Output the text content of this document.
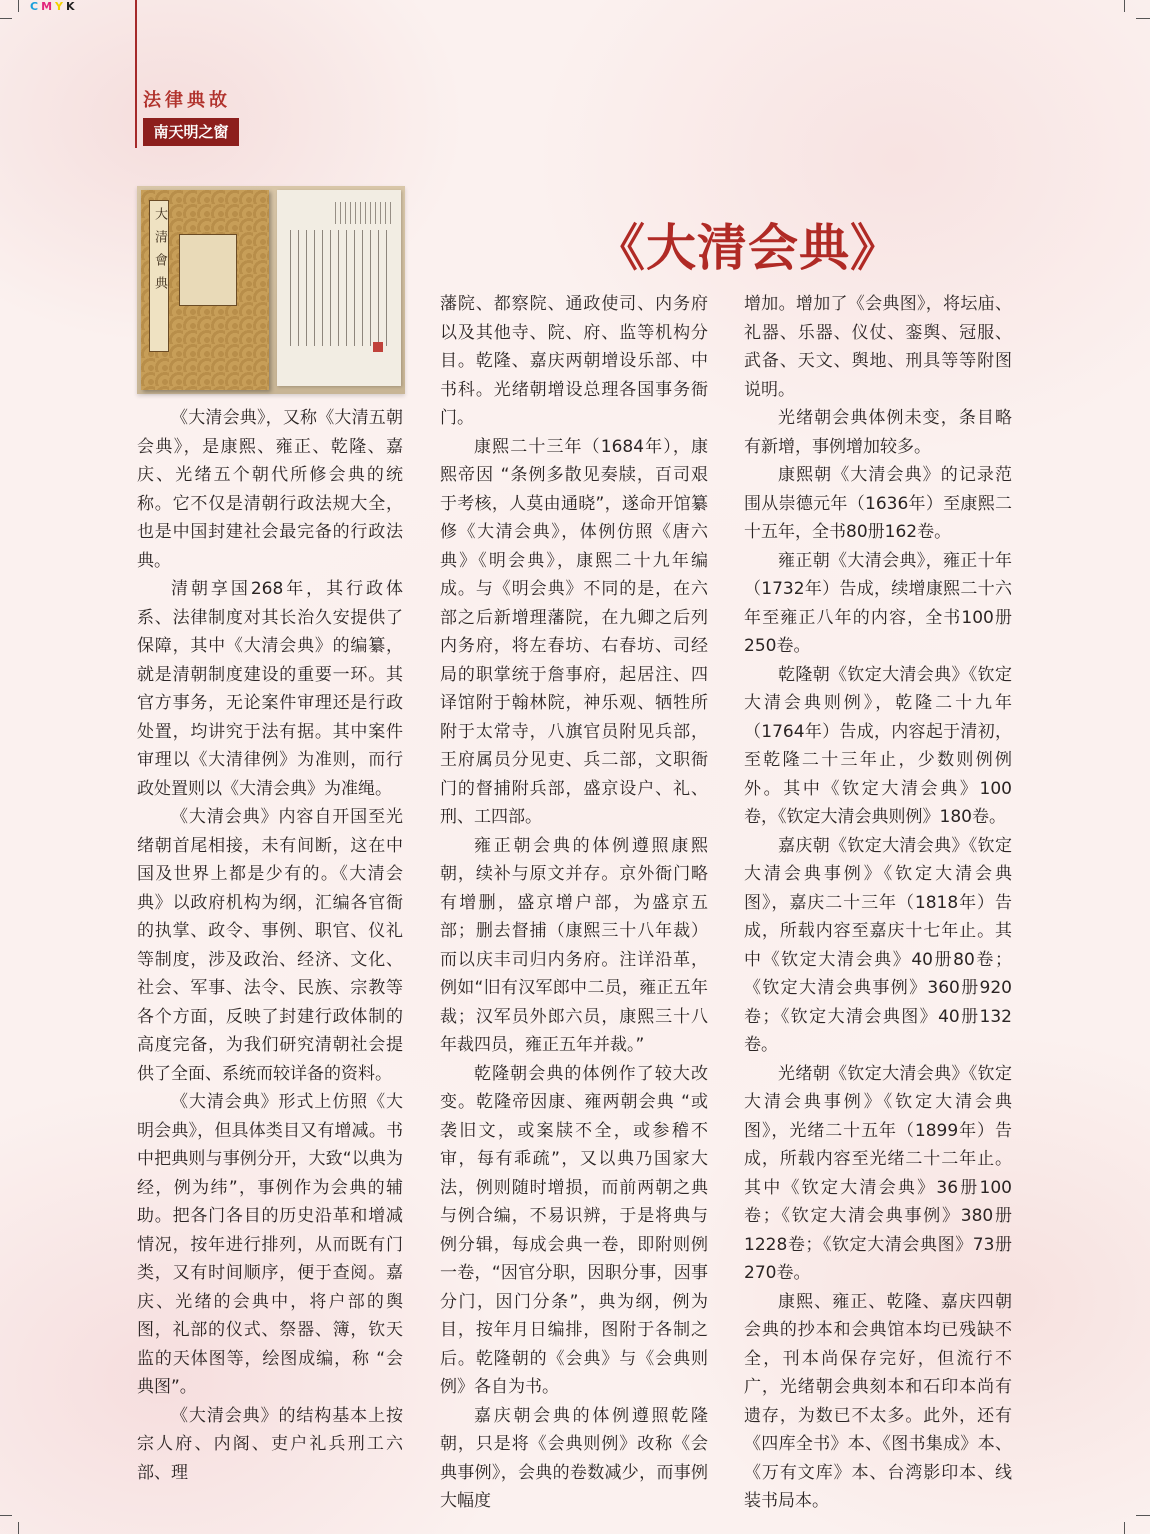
CMYK
法律典故
南天明之窗
《大清会典》
大清會典

《大清会典》，又称《大清五朝会典》，是康熙、雍正、乾隆、嘉庆、光绪五个朝代所修会典的统称。它不仅是清朝行政法规大全，也是中国封建社会最完备的行政法典。

清朝享国268年，其行政体系、法律制度对其长治久安提供了保障，其中《大清会典》的编纂，就是清朝制度建设的重要一环。其官方事务，无论案件审理还是行政处置，均讲究于法有据。其中案件审理以《大清律例》为准则，而行政处置则以《大清会典》为准绳。

《大清会典》内容自开国至光绪朝首尾相接，未有间断，这在中国及世界上都是少有的。《大清会典》以政府机构为纲，汇编各官衙的执掌、政令、事例、职官、仪礼等制度，涉及政治、经济、文化、社会、军事、法令、民族、宗教等各个方面，反映了封建行政体制的高度完备，为我们研究清朝社会提供了全面、系统而较详备的资料。

《大清会典》形式上仿照《大明会典》，但具体类目又有增减。书中把典则与事例分开，大致“以典为经，例为纬”，事例作为会典的辅助。把各门各目的历史沿革和增减情况，按年进行排列，从而既有门类，又有时间顺序，便于查阅。嘉庆、光绪的会典中，将户部的舆图，礼部的仪式、祭器、簿，钦天监的天体图等，绘图成编，称 “会典图”。

《大清会典》的结构基本上按宗人府、内阁、吏户礼兵刑工六部、理

藩院、都察院、通政使司、内务府以及其他寺、院、府、监等机构分目。乾隆、嘉庆两朝增设乐部、中书科。光绪朝增设总理各国事务衙门。

康熙二十三年（1684年），康熙帝因 “条例多散见奏牍，百司艰于考核，人莫由通晓”，遂命开馆纂修《大清会典》，体例仿照《唐六典》《明会典》，康熙二十九年编成。与《明会典》不同的是，在六部之后新增理藩院，在九卿之后列内务府，将左春坊、右春坊、司经局的职掌统于詹事府，起居注、四译馆附于翰林院，神乐观、牺牲所附于太常寺，八旗官员附见兵部，王府属员分见吏、兵二部，文职衙门的督捕附兵部，盛京设户、礼、刑、工四部。

雍正朝会典的体例遵照康熙朝，续补与原文并存。京外衙门略有增删，盛京增户部，为盛京五部；删去督捕（康熙三十八年裁）而以庆丰司归内务府。注详沿革，例如“旧有汉军郎中二员，雍正五年裁；汉军员外郎六员，康熙三十八年裁四员，雍正五年并裁。”

乾隆朝会典的体例作了较大改变。乾隆帝因康、雍两朝会典 “或袭旧文，或案牍不全，或参稽不审，每有乖疏”，又以典乃国家大法，例则随时增损，而前两朝之典与例合编，不易识辨，于是将典与例分辑，每成会典一卷，即附则例一卷，“因官分职，因职分事，因事分门，因门分条”，典为纲，例为目，按年月日编排，图附于各制之后。乾隆朝的《会典》与《会典则例》各自为书。

嘉庆朝会典的体例遵照乾隆朝，只是将《会典则例》改称《会典事例》，会典的卷数减少，而事例大幅度

增加。增加了《会典图》，将坛庙、礼器、乐器、仪仗、銮舆、冠服、武备、天文、舆地、刑具等等附图说明。

光绪朝会典体例未变，条目略有新增，事例增加较多。

康熙朝《大清会典》的记录范围从崇德元年（1636年）至康熙二十五年，全书80册162卷。

雍正朝《大清会典》，雍正十年（1732年）告成，续增康熙二十六年至雍正八年的内容，全书100册250卷。

乾隆朝《钦定大清会典》《钦定大清会典则例》，乾隆二十九年（1764年）告成，内容起于清初，至乾隆二十三年止，少数则例例外。其中《钦定大清会典》100卷，《钦定大清会典则例》180卷。

嘉庆朝《钦定大清会典》《钦定大清会典事例》《钦定大清会典图》，嘉庆二十三年（1818年）告成，所载内容至嘉庆十七年止。其中《钦定大清会典》40册80卷；《钦定大清会典事例》360册920卷；《钦定大清会典图》40册132卷。

光绪朝《钦定大清会典》《钦定大清会典事例》《钦定大清会典图》，光绪二十五年（1899年）告成，所载内容至光绪二十二年止。其中《钦定大清会典》36册100卷；《钦定大清会典事例》380册1228卷；《钦定大清会典图》73册270卷。

康熙、雍正、乾隆、嘉庆四朝会典的抄本和会典馆本均已残缺不全，刊本尚保存完好，但流行不广，光绪朝会典刻本和石印本尚有遗存，为数已不太多。此外，还有《四库全书》本、《图书集成》本、《万有文库》本、台湾影印本、线装书局本。
